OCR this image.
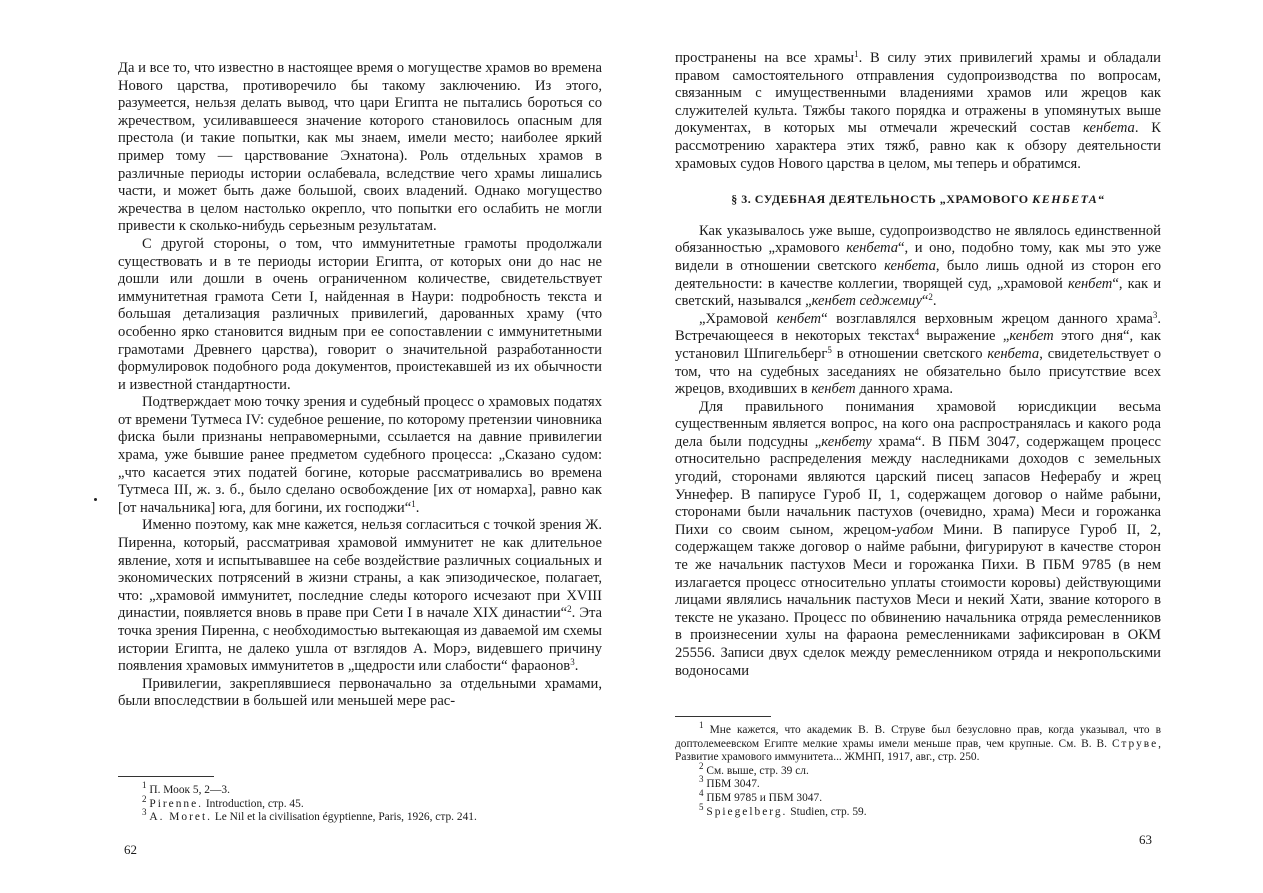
Да и все то, что известно в настоящее время о могуществе храмов во времена Нового царства, противоречило бы такому заключению. Из этого, разумеется, нельзя делать вывод, что цари Египта не пытались бороться со жречеством, усиливавшееся значение которого становилось опасным для престола (и такие попытки, как мы знаем, имели место; наиболее яркий пример тому — царствование Эхнатона). Роль отдельных храмов в различные периоды истории ослабевала, вследствие чего храмы лишались части, и может быть даже большой, своих владений. Однако могущество жречества в целом настолько окрепло, что попытки его ослабить не могли привести к сколько-нибудь серьезным результатам.

С другой стороны, о том, что иммунитетные грамоты продолжали существовать и в те периоды истории Египта, от которых они до нас не дошли или дошли в очень ограниченном количестве, свидетельствует иммунитетная грамота Сети I, найденная в Наури: подробность текста и большая детализация различных привилегий, дарованных храму (что особенно ярко становится видным при ее сопоставлении с иммунитетными грамотами Древнего царства), говорит о значительной разработанности формулировок подобного рода документов, проистекавшей из их обычности и известной стандартности.

Подтверждает мою точку зрения и судебный процесс о храмовых податях от времени Тутмеса IV: судебное решение, по которому претензии чиновника фиска были признаны неправомерными, ссылается на давние привилегии храма, уже бывшие ранее предметом судебного процесса: „Сказано судом: „что касается этих податей богине, которые рассматривались во времена Тутмеса III, ж. з. б., было сделано освобождение [их от номарха], равно как [от начальника] юга, для богини, их господжи“$^1$.

Именно поэтому, как мне кажется, нельзя согласиться с точкой зрения Ж. Пиренна, который, рассматривая храмовой иммунитет не как длительное явление, хотя и испытывавшее на себе воздействие различных социальных и экономических потрясений в жизни страны, а как эпизодическое, полагает, что: „храмовой иммунитет, последние следы которого исчезают при XVIII династии, появляется вновь в праве при Сети I в начале XIX династии“$^2$. Эта точка зрения Пиренна, с необходимостью вытекающая из даваемой им схемы истории Египта, не далеко ушла от взглядов А. Морэ, видевшего причину появления храмовых иммунитетов в „щедрости или слабости“ фараонов$^3$.

Привилегии, закреплявшиеся первоначально за отдельными храмами, были впоследствии в большей или меньшей мере рас-

$^1$ П. Моок 5, 2—3.
$^2$ Pirenne. Introduction, стр. 45.
$^3$ A. Moret. Le Nil et la civilisation égyptienne, Paris, 1926, стр. 241.
62

пространены на все храмы$^1$. В силу этих привилегий храмы и обладали правом самостоятельного отправления судопроизводства по вопросам, связанным с имущественными владениями храмов или жрецов как служителей культа. Тяжбы такого порядка и отражены в упомянутых выше документах, в которых мы отмечали жреческий состав кенбета. К рассмотрению характера этих тяжб, равно как к обзору деятельности храмовых судов Нового царства в целом, мы теперь и обратимся.

§ 3. СУДЕБНАЯ ДЕЯТЕЛЬНОСТЬ „ХРАМОВОГО КЕНБЕТА“

Как указывалось уже выше, судопроизводство не являлось единственной обязанностью „храмового кенбета“, и оно, подобно тому, как мы это уже видели в отношении светского кенбета, было лишь одной из сторон его деятельности: в качестве коллегии, творящей суд, „храмовой кенбет“, как и светский, назывался „кенбет седжемиу“$^2$.

„Храмовой кенбет“ возглавлялся верховным жрецом данного храма$^3$. Встречающееся в некоторых текстах$^4$ выражение „кенбет этого дня“, как установил Шпигельберг$^5$ в отношении светского кенбета, свидетельствует о том, что на судебных заседаниях не обязательно было присутствие всех жрецов, входивших в кенбет данного храма.

Для правильного понимания храмовой юрисдикции весьма существенным является вопрос, на кого она распространялась и какого рода дела были подсудны „кенбету храма“. В ПБМ 3047, содержащем процесс относительно распределения между наследниками доходов с земельных угодий, сторонами являются царский писец запасов Неферабу и жрец Уннефер. В папирусе Гуроб II, 1, содержащем договор о найме рабыни, сторонами были начальник пастухов (очевидно, храма) Меси и горожанка Пихи со своим сыном, жрецом-уабом Мини. В папирусе Гуроб II, 2, содержащем также договор о найме рабыни, фигурируют в качестве сторон те же начальник пастухов Меси и горожанка Пихи. В ПБМ 9785 (в нем излагается процесс относительно уплаты стоимости коровы) действующими лицами являлись начальник пастухов Меси и некий Хати, звание которого в тексте не указано. Процесс по обвинению начальника отряда ремесленников в произнесении хулы на фараона ремесленниками зафиксирован в ОКМ 25556. Записи двух сделок между ремесленником отряда и некропольскими водоносами

$^1$ Мне кажется, что академик В. В. Струве был безусловно прав, когда указывал, что в доптолемеевском Египте мелкие храмы имели меньше прав, чем крупные. См. В. В. Струве, Развитие храмового иммунитета... ЖМНП, 1917, авг., стр. 250.
$^2$ См. выше, стр. 39 сл.
$^3$ ПБМ 3047.
$^4$ ПБМ 9785 и ПБМ 3047.
$^5$ Spiegelberg. Studien, стр. 59.
63
